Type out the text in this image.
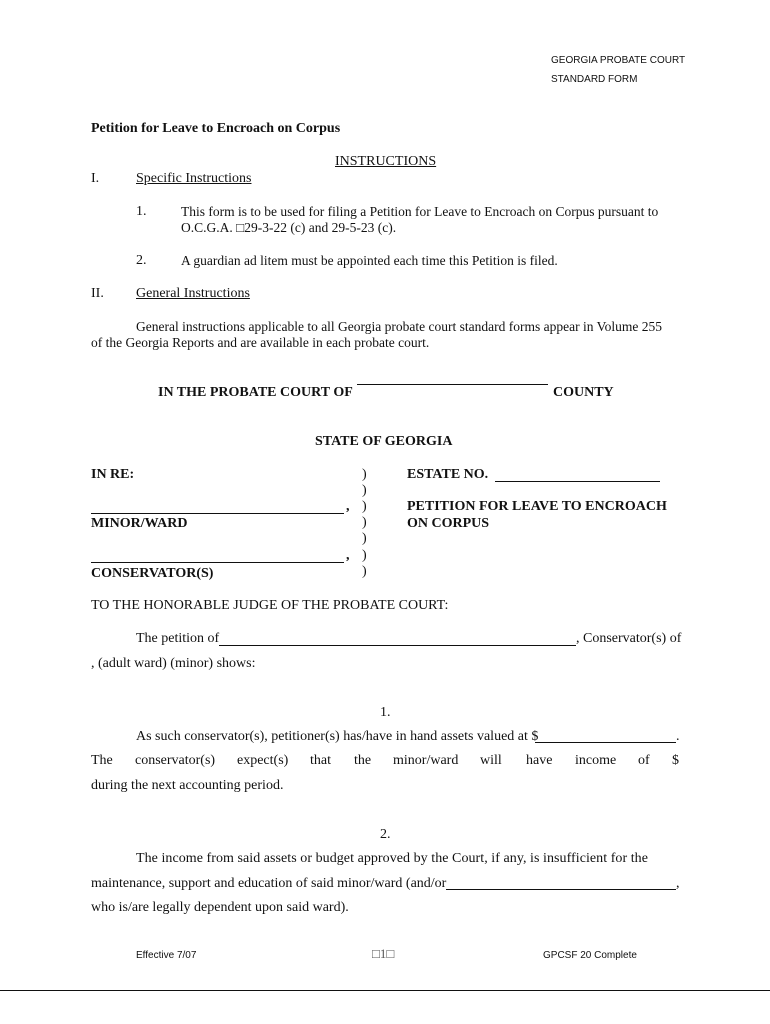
GEORGIA PROBATE COURT
STANDARD FORM
Petition for Leave to Encroach on Corpus
INSTRUCTIONS
I.	Specific Instructions
1.	This form is to be used for filing a Petition for Leave to Encroach on Corpus pursuant to
O.C.G.A. □29-3-22 (c) and 29-5-23 (c).
2.	A guardian ad litem must be appointed each time this Petition is filed.
II. General Instructions
General instructions applicable to all Georgia probate court standard forms appear in Volume 255
of the Georgia Reports and are available in each probate court.
IN THE PROBATE COURT OF	COUNTY
STATE OF GEORGIA
IN RE:	)
)
)
)
)
)
)
ESTATE NO.
PETITION FOR LEAVE TO ENCROACH
ON CORPUS
,
MINOR/WARD
,
CONSERVATOR(S)
TO THE HONORABLE JUDGE OF THE PROBATE COURT:
The petition of	, Conservator(s) of
, (adult ward) (minor) shows:
1.
As such conservator(s), petitioner(s) has/have in hand assets valued at $	.
The conservator(s) expect(s) that the minor/ward will have income of $
during the next accounting period.
2.
The income from said assets or budget approved by the Court, if any, is insufficient for the
maintenance, support and education of said minor/ward (and/or	,
who is/are legally dependent upon said ward).
Effective 7/07	□1□	GPCSF 20 Complete
